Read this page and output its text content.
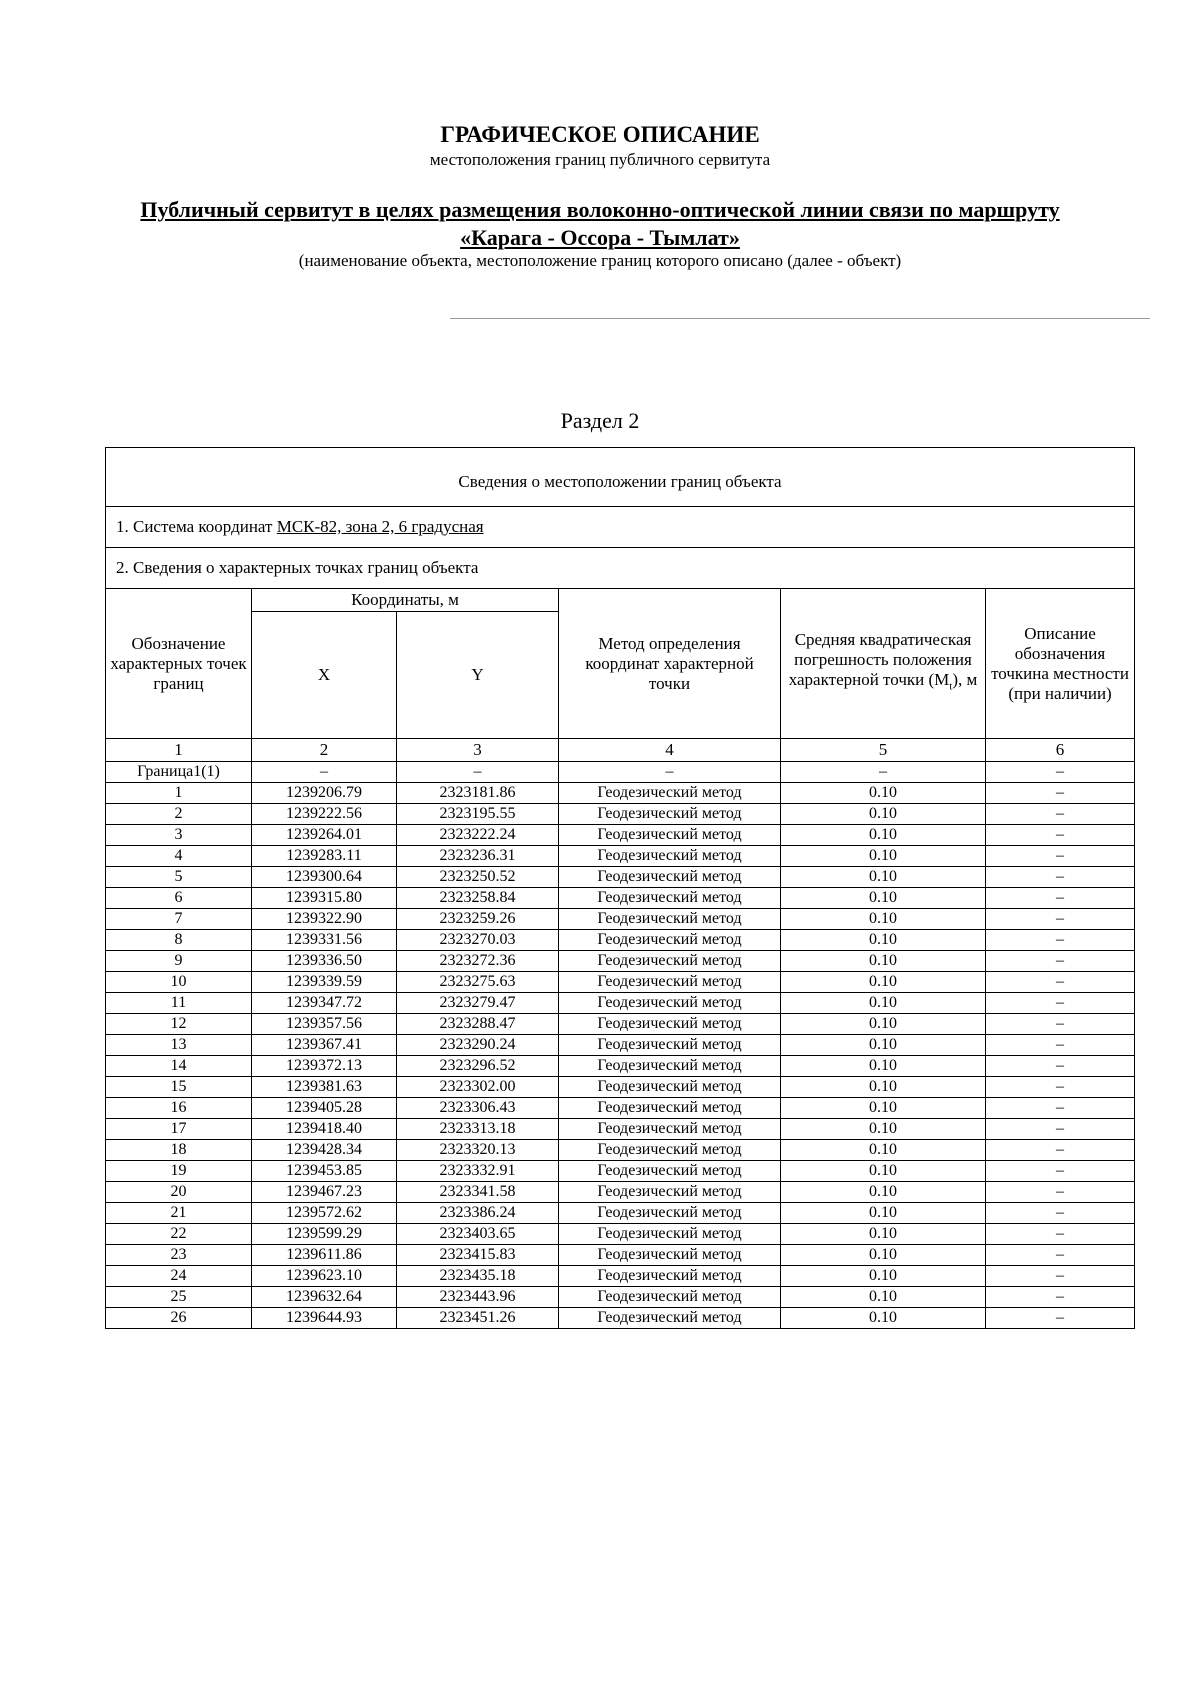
ГРАФИЧЕСКОЕ ОПИСАНИЕ
местоположения границ публичного сервитута
Публичный сервитут в целях размещения волоконно-оптической линии связи по маршруту
«Карага - Оссора - Тымлат»
(наименование объекта, местоположение границ которого описано (далее - объект)
Раздел 2
Сведения о местоположении границ объекта					
1. Система координат МСК-82, зона 2, 6 градусная					
2. Сведения о характерных точках границ объекта					
Обозначение характерных точек границ	Координаты, м		Метод определения координат характерной точки	Средняя квадратическая погрешность положения характерной точки $(M_t)$, м	Описание обозначения точкина местности (при наличии)
	X	Y			
1	2	3	4	5	6
Граница1(1)	–	–	–	–	–
1	1239206.79	2323181.86	Геодезический метод	0.10	–
2	1239222.56	2323195.55	Геодезический метод	0.10	–
3	1239264.01	2323222.24	Геодезический метод	0.10	–
4	1239283.11	2323236.31	Геодезический метод	0.10	–
5	1239300.64	2323250.52	Геодезический метод	0.10	–
6	1239315.80	2323258.84	Геодезический метод	0.10	–
7	1239322.90	2323259.26	Геодезический метод	0.10	–
8	1239331.56	2323270.03	Геодезический метод	0.10	–
9	1239336.50	2323272.36	Геодезический метод	0.10	–
10	1239339.59	2323275.63	Геодезический метод	0.10	–
11	1239347.72	2323279.47	Геодезический метод	0.10	–
12	1239357.56	2323288.47	Геодезический метод	0.10	–
13	1239367.41	2323290.24	Геодезический метод	0.10	–
14	1239372.13	2323296.52	Геодезический метод	0.10	–
15	1239381.63	2323302.00	Геодезический метод	0.10	–
16	1239405.28	2323306.43	Геодезический метод	0.10	–
17	1239418.40	2323313.18	Геодезический метод	0.10	–
18	1239428.34	2323320.13	Геодезический метод	0.10	–
19	1239453.85	2323332.91	Геодезический метод	0.10	–
20	1239467.23	2323341.58	Геодезический метод	0.10	–
21	1239572.62	2323386.24	Геодезический метод	0.10	–
22	1239599.29	2323403.65	Геодезический метод	0.10	–
23	1239611.86	2323415.83	Геодезический метод	0.10	–
24	1239623.10	2323435.18	Геодезический метод	0.10	–
25	1239632.64	2323443.96	Геодезический метод	0.10	–
26	1239644.93	2323451.26	Геодезический метод	0.10	–
